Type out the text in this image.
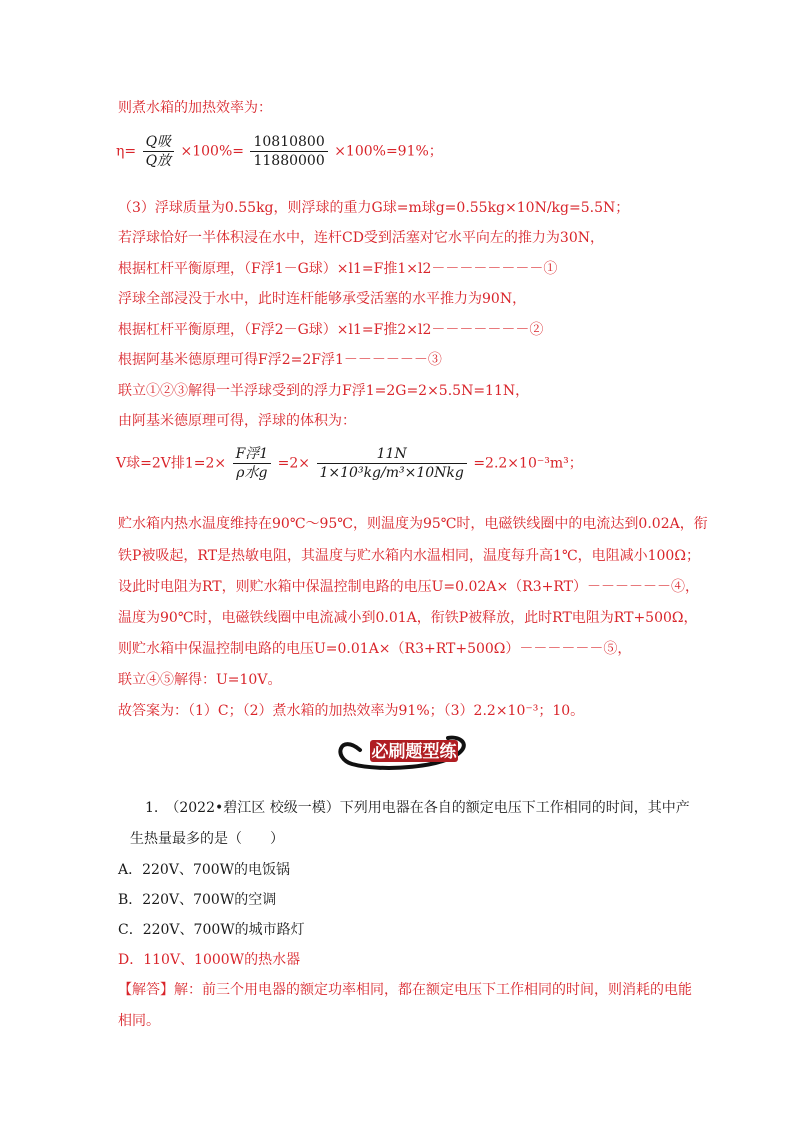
则煮水箱的加热效率为：
$\eta= \frac{\text{Q吸}}{\text{Q放}} \times 100\%= \frac{10810800}{11880000} \times 100\%=91\%$；
（3）浮球质量为0.55kg，则浮球的重力G球=m球g=0.55kg×10N/kg=5.5N；
若浮球恰好一半体积浸在水中，连杆CD受到活塞对它水平向左的推力为30N，
根据杠杆平衡原理，（F浮1－G球）×l1=F推1×l2－－－－－－－－①
浮球全部浸没于水中，此时连杆能够承受活塞的水平推力为90N，
根据杠杆平衡原理，（F浮2－G球）×l1=F推2×l2－－－－－－－②
根据阿基米德原理可得F浮2=2F浮1－－－－－－③
联立①②③解得一半浮球受到的浮力F浮1=2G=2×5.5N=11N，
由阿基米德原理可得，浮球的体积为：
V球=2V排$1=2\times \frac{\text{F浮1}}{\text{ρ水g}} =2\times \frac{11N}{\text{1×10³kg/m³×10Nkg}} =2.2\times 10^{-3}m^3$；
贮水箱内热水温度维持在90℃～95℃，则温度为95℃时，电磁铁线圈中的电流达到0.02A，衔
铁P被吸起，RT是热敏电阻，其温度与贮水箱内水温相同，温度每升高1℃，电阻减小100Ω；
设此时电阻为RT，则贮水箱中保温控制电路的电压U=0.02A×（R3+RT）－－－－－－④，
温度为90℃时，电磁铁线圈中电流减小到0.01A，衔铁P被释放，此时RT电阻为RT+500Ω，
则贮水箱中保温控制电路的电压U=0.01A×（R3+RT+500Ω）－－－－－－⑤，
联立④⑤解得：U=10V。
故答案为：（1）C；（2）煮水箱的加热效率为91%；（3）2.2×10⁻³；10。
必刷题型练
1.　（2022•碧江区 校级一模）下列用电器在各自的额定电压下工作相同的时间，其中产
生热量最多的是（　　）
A．220V、700W的电饭锅
B．220V、700W的空调
C．220V、700W的城市路灯
D．110V、1000W的热水器
【解答】解：前三个用电器的额定功率相同，都在额定电压下工作相同的时间，则消耗的电能
相同。
